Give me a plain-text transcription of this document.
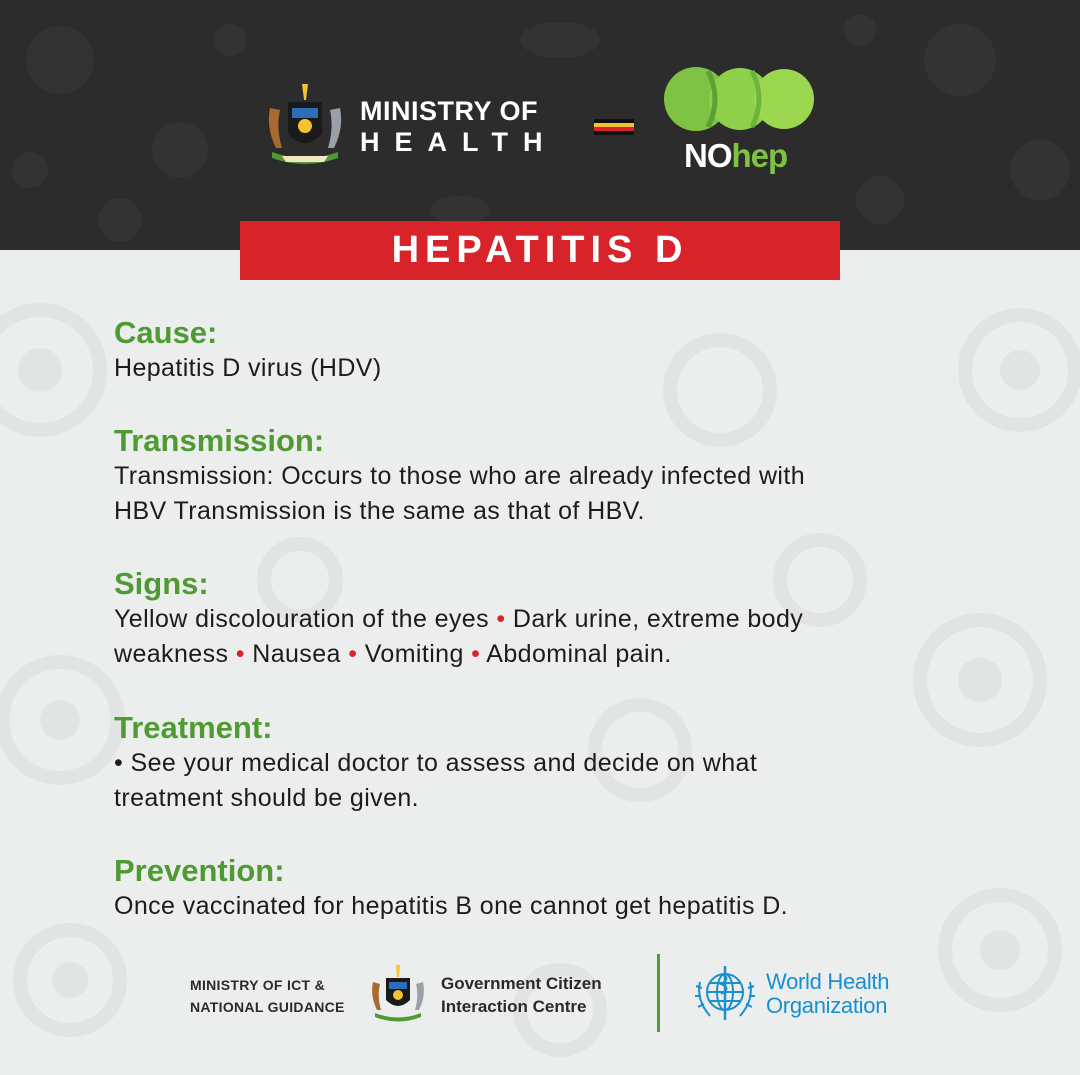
MINISTRY OF
HEALTH	NOhep
HEPATITIS D
Cause:

Hepatitis D virus (HDV)

Transmission:

Transmission: Occurs to those who are already infected with

HBV Transmission is the same as that of HBV.

Signs:

Yellow discolouration of the eyes • Dark urine, extreme body

weakness • Nausea • Vomiting • Abdominal pain.

Treatment:

• See your medical doctor to assess and decide on what

treatment should be given.

Prevention:

Once vaccinated for hepatitis B one cannot get hepatitis D.

MINISTRY OF ICT &
NATIONAL GUIDANCE
Government Citizen
Interaction Centre
World Health
Organization
